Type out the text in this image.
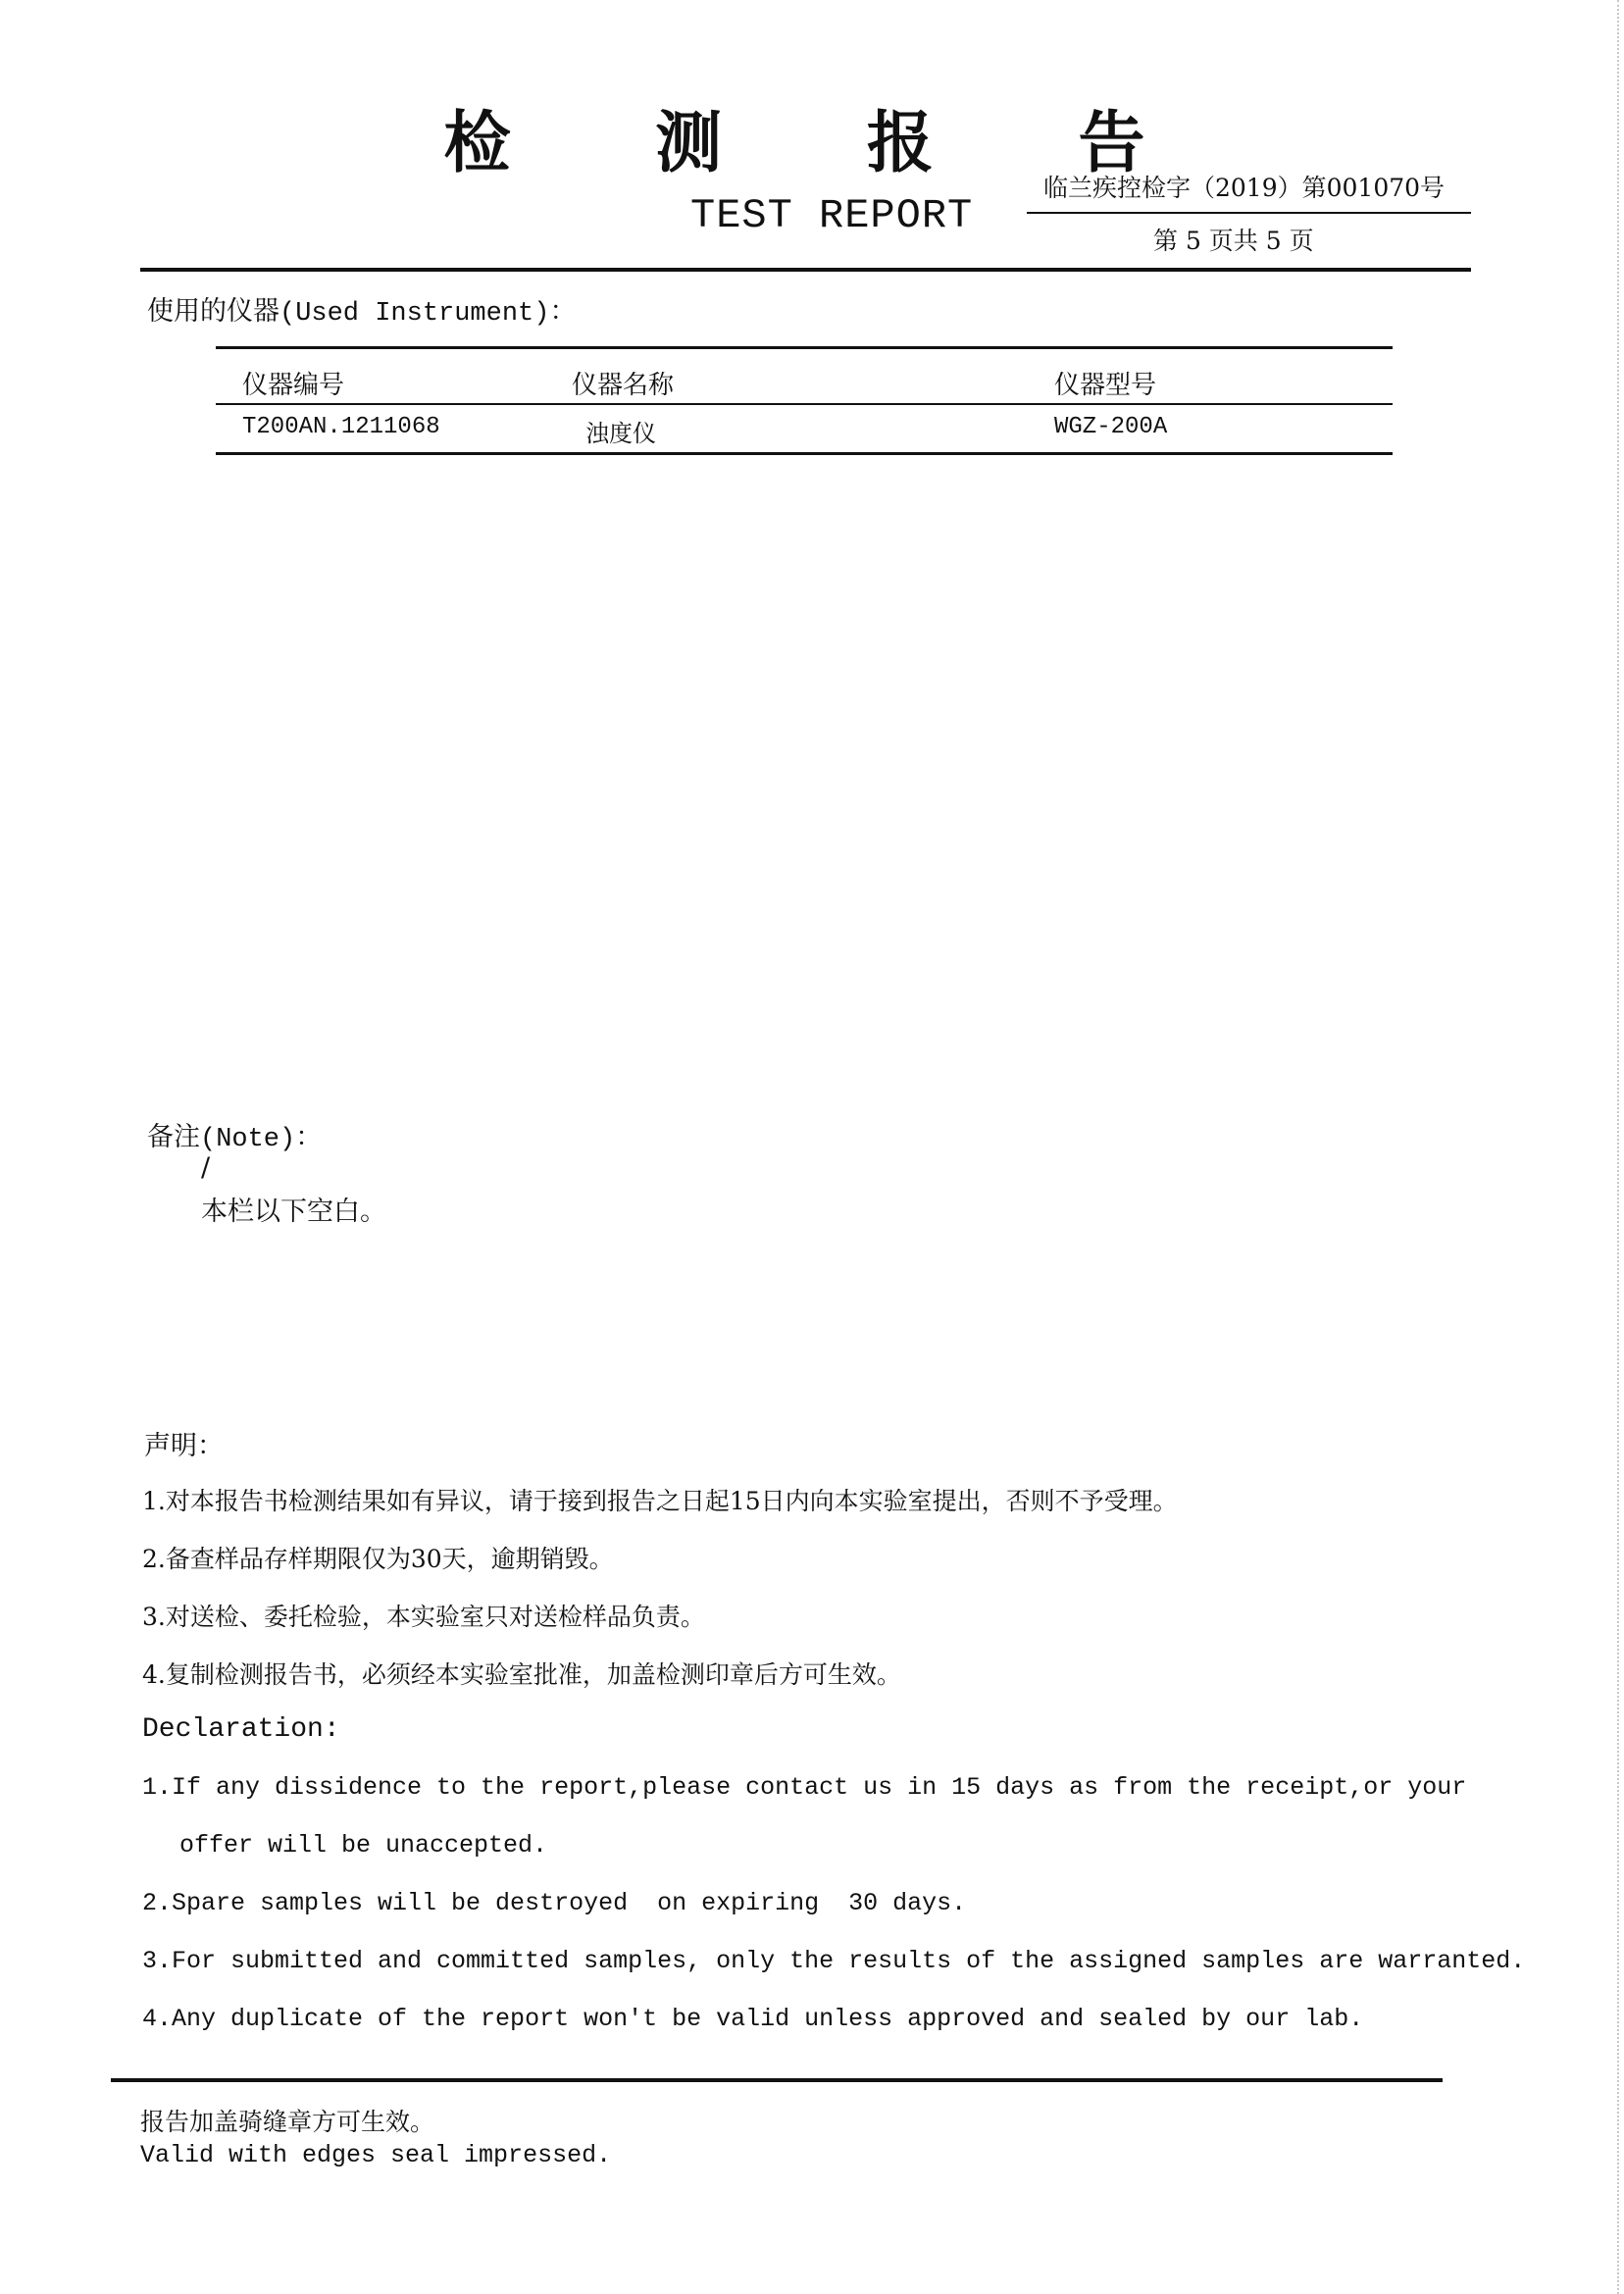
检 测 报 告
TEST REPORT
临兰疾控检字（2019）第001070号
第 5 页共 5 页
使用的仪器(Used Instrument)：
仪器编号	仪器名称	仪器型号
T200AN.1211068	浊度仪	WGZ-200A
备注(Note)：
/
本栏以下空白。
声明：
1.对本报告书检测结果如有异议，请于接到报告之日起15日内向本实验室提出，否则不予受理。
2.备查样品存样期限仅为30天，逾期销毁。
3.对送检、委托检验，本实验室只对送检样品负责。
4.复制检测报告书，必须经本实验室批准，加盖检测印章后方可生效。
Declaration:
1.If any dissidence to the report,please contact us in 15 days as from the receipt,or your
offer will be unaccepted.
2.Spare samples will be destroyed  on expiring  30 days.
3.For submitted and committed samples, only the results of the assigned samples are warranted.
4.Any duplicate of the report won't be valid unless approved and sealed by our lab.
报告加盖骑缝章方可生效。
Valid with edges seal impressed.
